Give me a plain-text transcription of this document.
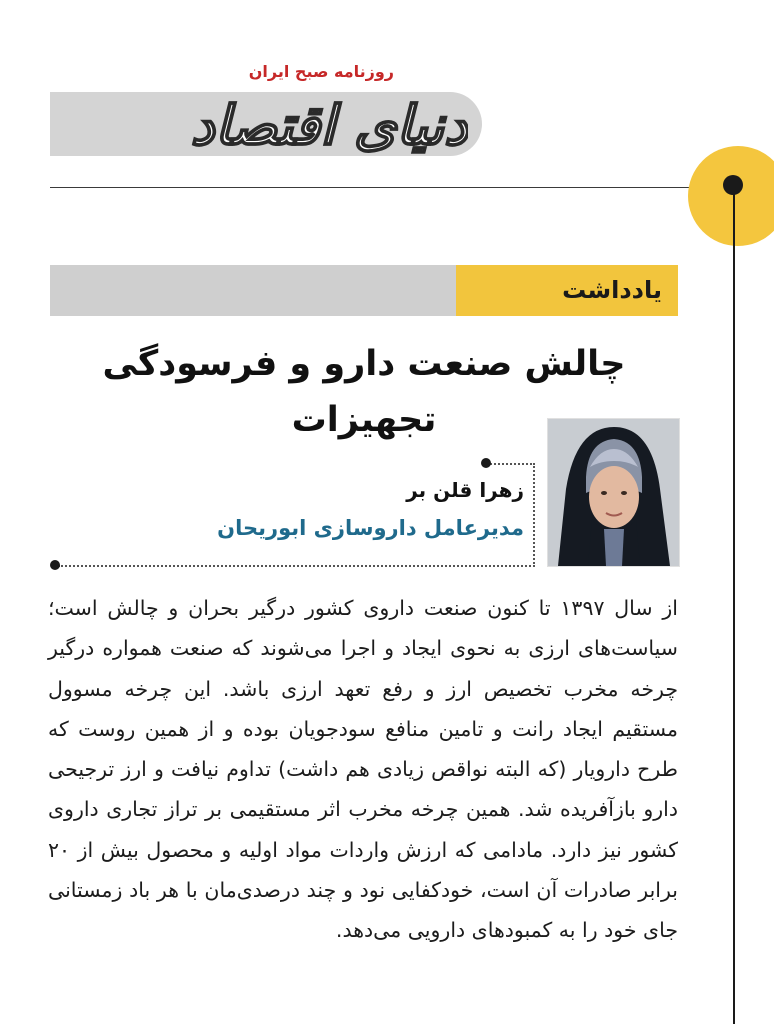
دنیای اقتصاد
روزنامه صبح ایران
یادداشت
چالش صنعت دارو و فرسودگی تجهیزات
زهرا قلن بر
مدیرعامل داروسازی ابوریحان

از سال ۱۳۹۷ تا کنون صنعت داروی کشور درگیر بحران و چالش است؛ سیاست‌های ارزی به نحوی ایجاد و اجرا می‌شوند که صنعت همواره درگیر چرخه مخرب تخصیص ارز و رفع تعهد ارزی باشد. این چرخه مسوول مستقیم ایجاد رانت و تامین منافع سودجویان بوده و از همین روست که طرح دارویار (که البته نواقص زیادی هم داشت) تداوم نیافت و ارز ترجیحی دارو بازآفریده شد. همین چرخه مخرب اثر مستقیمی بر تراز تجاری داروی کشور نیز دارد. مادامی که ارزش واردات مواد اولیه و محصول بیش از ۲۰ برابر صادرات آن است، خودکفایی نود و چند درصدی‌مان با هر باد زمستانی جای خود را به کمبودهای دارویی می‌دهد.
